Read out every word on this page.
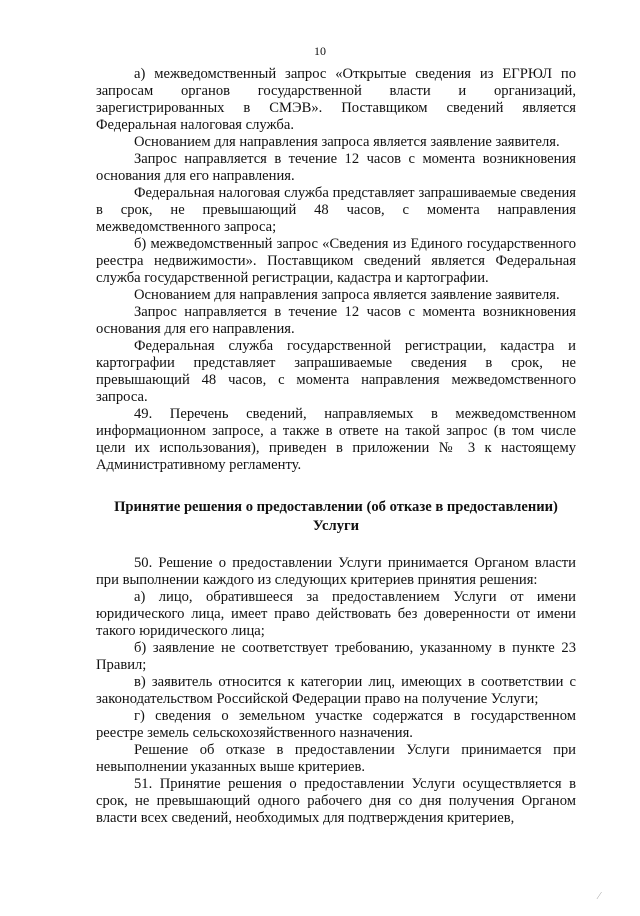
10

а) межведомственный запрос «Открытые сведения из ЕГРЮЛ по запросам органов государственной власти и организаций, зарегистрированных в СМЭВ». Поставщиком сведений является Федеральная налоговая служба.

Основанием для направления запроса является заявление заявителя.

Запрос направляется в течение 12 часов с момента возникновения основания для его направления.

Федеральная налоговая служба представляет запрашиваемые сведения в срок, не превышающий 48 часов, с момента направления межведомственного запроса;

б) межведомственный запрос «Сведения из Единого государственного реестра недвижимости». Поставщиком сведений является Федеральная служба государственной регистрации, кадастра и картографии.

Основанием для направления запроса является заявление заявителя.

Запрос направляется в течение 12 часов с момента возникновения основания для его направления.

Федеральная служба государственной регистрации, кадастра и картографии представляет запрашиваемые сведения в срок, не превышающий 48 часов, с момента направления межведомственного запроса.

49. Перечень сведений, направляемых в межведомственном информационном запросе, а также в ответе на такой запрос (в том числе цели их использования), приведен в приложении № 3 к настоящему Административному регламенту.

Принятие решения о предоставлении (об отказе в предоставлении) Услуги

50. Решение о предоставлении Услуги принимается Органом власти при выполнении каждого из следующих критериев принятия решения:

а) лицо, обратившееся за предоставлением Услуги от имени юридического лица, имеет право действовать без доверенности от имени такого юридического лица;

б) заявление не соответствует требованию, указанному в пункте 23 Правил;

в) заявитель относится к категории лиц, имеющих в соответствии с законодательством Российской Федерации право на получение Услуги;

г) сведения о земельном участке содержатся в государственном реестре земель сельскохозяйственного назначения.

Решение об отказе в предоставлении Услуги принимается при невыполнении указанных выше критериев.

51. Принятие решения о предоставлении Услуги осуществляется в срок, не превышающий одного рабочего дня со дня получения Органом власти всех сведений, необходимых для подтверждения критериев,

⁄
